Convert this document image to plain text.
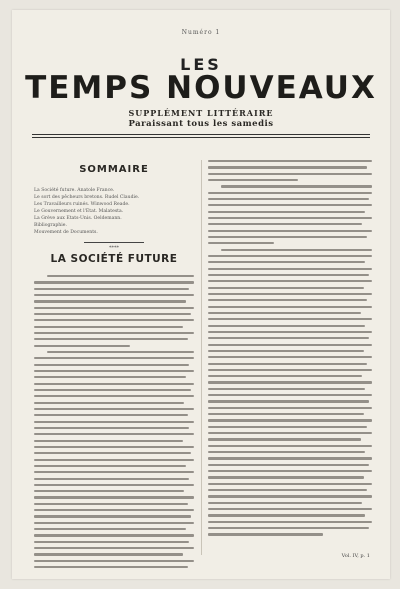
Numéro 1
LES
TEMPS NOUVEAUX
SUPPLÉMENT LITTÉRAIRE
Paraissant tous les samedis
SOMMAIRE
La Société future. Anatole France.
Le sort des pêcheurs bretons. Rudel Claudie.
Les Travailleurs ruinés. Winwood Reade.
Le Gouvernement et l'État. Malatesta.
La Grève aux Etats-Unis. Oeldemann.
Bibliographie.
Mouvement de Documents.
****
LA SOCIÉTÉ FUTURE
Vol. IV, p. 1
